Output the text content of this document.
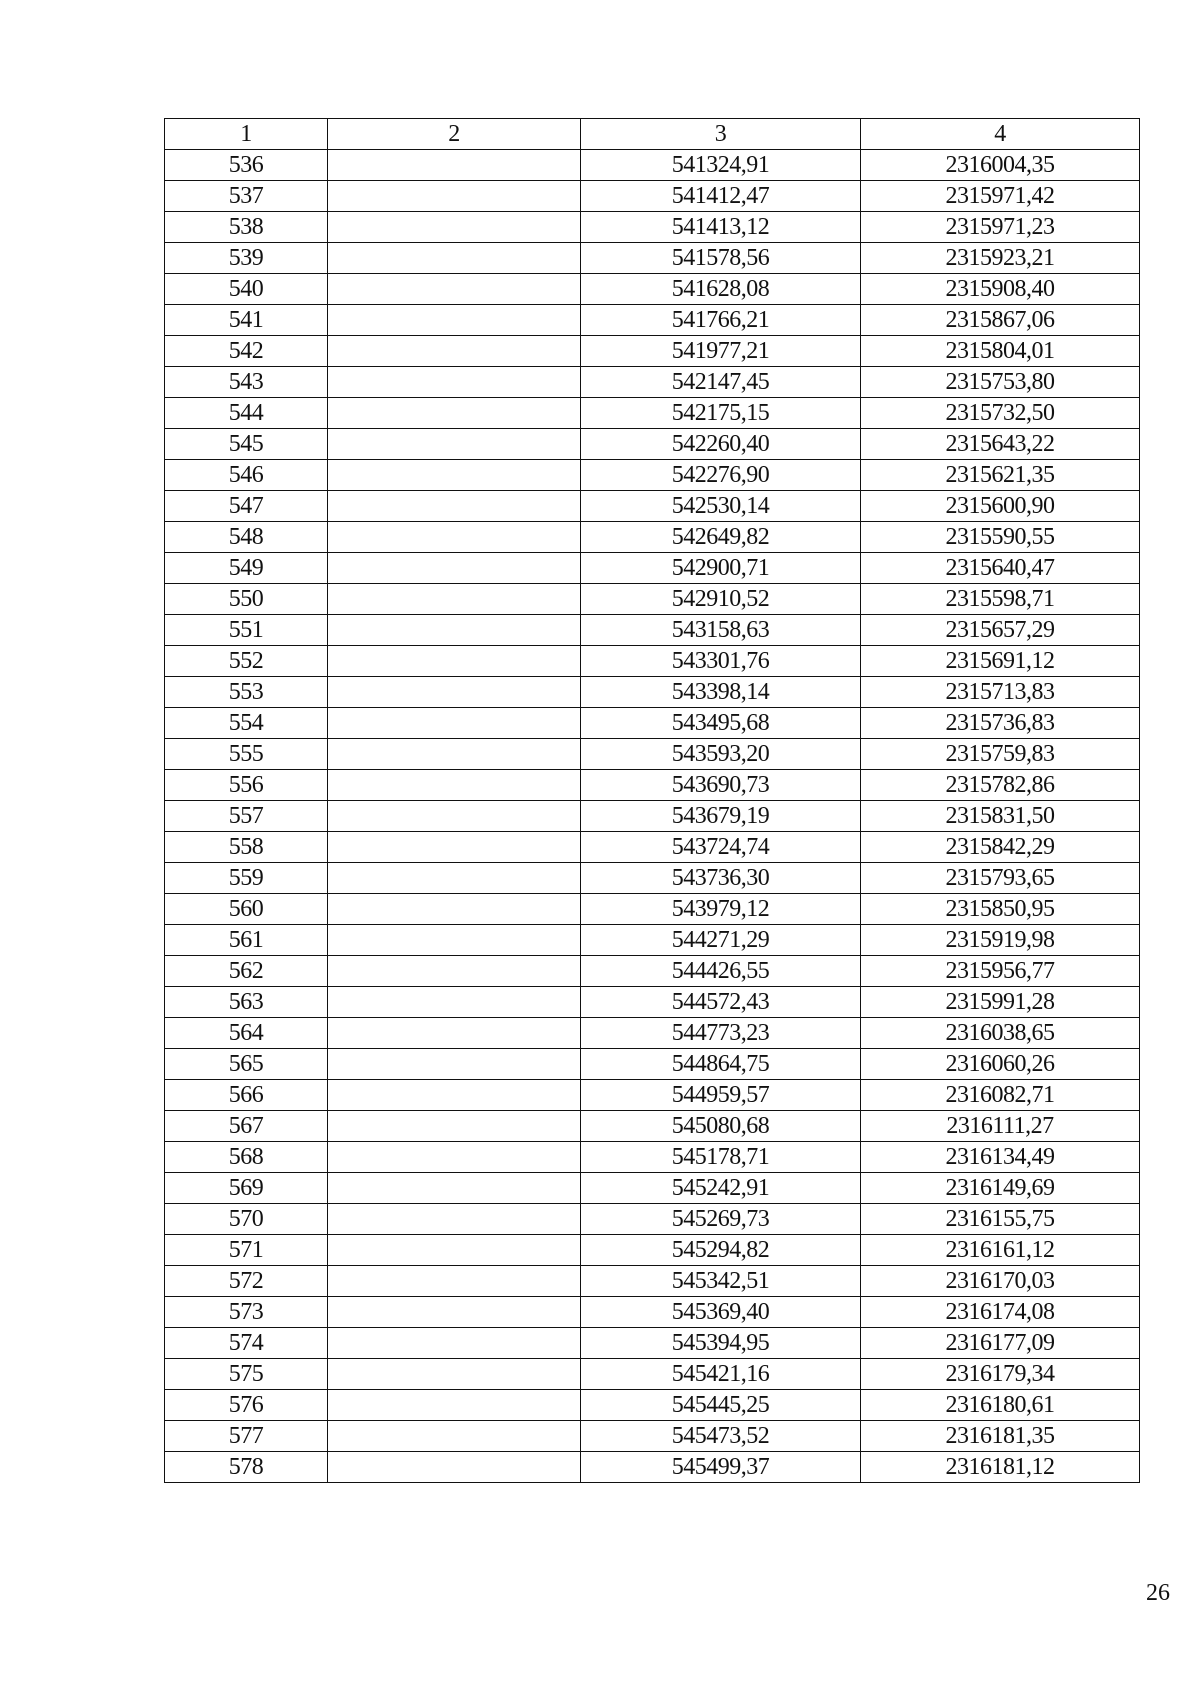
1	2	3	4
536		541324,91	2316004,35
537		541412,47	2315971,42
538		541413,12	2315971,23
539		541578,56	2315923,21
540		541628,08	2315908,40
541		541766,21	2315867,06
542		541977,21	2315804,01
543		542147,45	2315753,80
544		542175,15	2315732,50
545		542260,40	2315643,22
546		542276,90	2315621,35
547		542530,14	2315600,90
548		542649,82	2315590,55
549		542900,71	2315640,47
550		542910,52	2315598,71
551		543158,63	2315657,29
552		543301,76	2315691,12
553		543398,14	2315713,83
554		543495,68	2315736,83
555		543593,20	2315759,83
556		543690,73	2315782,86
557		543679,19	2315831,50
558		543724,74	2315842,29
559		543736,30	2315793,65
560		543979,12	2315850,95
561		544271,29	2315919,98
562		544426,55	2315956,77
563		544572,43	2315991,28
564		544773,23	2316038,65
565		544864,75	2316060,26
566		544959,57	2316082,71
567		545080,68	2316111,27
568		545178,71	2316134,49
569		545242,91	2316149,69
570		545269,73	2316155,75
571		545294,82	2316161,12
572		545342,51	2316170,03
573		545369,40	2316174,08
574		545394,95	2316177,09
575		545421,16	2316179,34
576		545445,25	2316180,61
577		545473,52	2316181,35
578		545499,37	2316181,12
26
